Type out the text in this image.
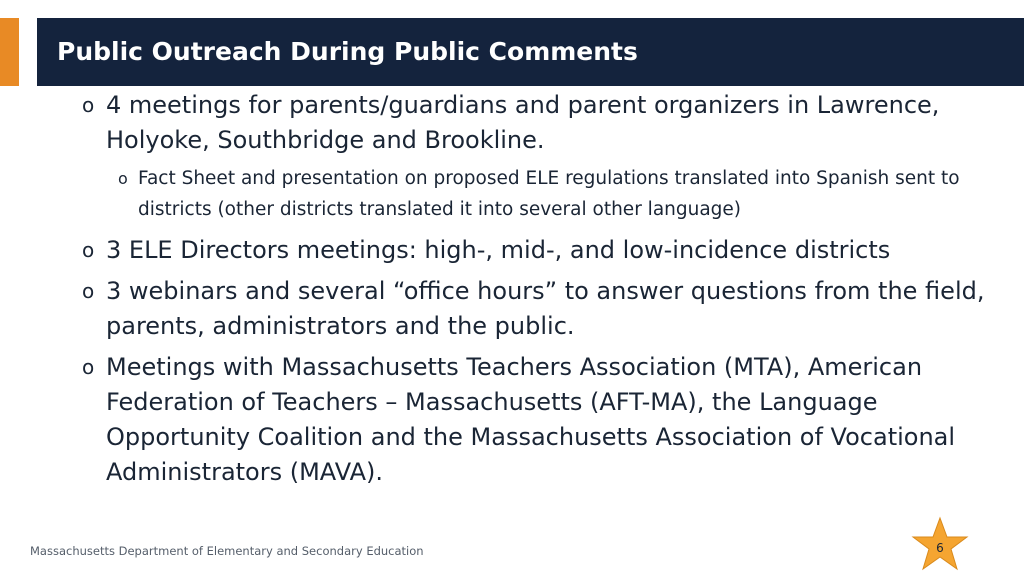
Public Outreach During Public Comments
o 4 meetings for parents/guardians and parent organizers in Lawrence, Holyoke, Southbridge and Brookline.
o Fact Sheet and presentation on proposed ELE regulations translated into Spanish sent to districts (other districts translated it into several other language)
o 3 ELE Directors meetings: high-, mid-, and low-incidence districts
o 3 webinars and several “office hours” to answer questions from the field, parents, administrators and the public.
o Meetings with Massachusetts Teachers Association (MTA), American Federation of Teachers – Massachusetts (AFT-MA), the Language Opportunity Coalition and the Massachusetts Association of Vocational Administrators (MAVA).
Massachusetts Department of Elementary and Secondary Education	6
